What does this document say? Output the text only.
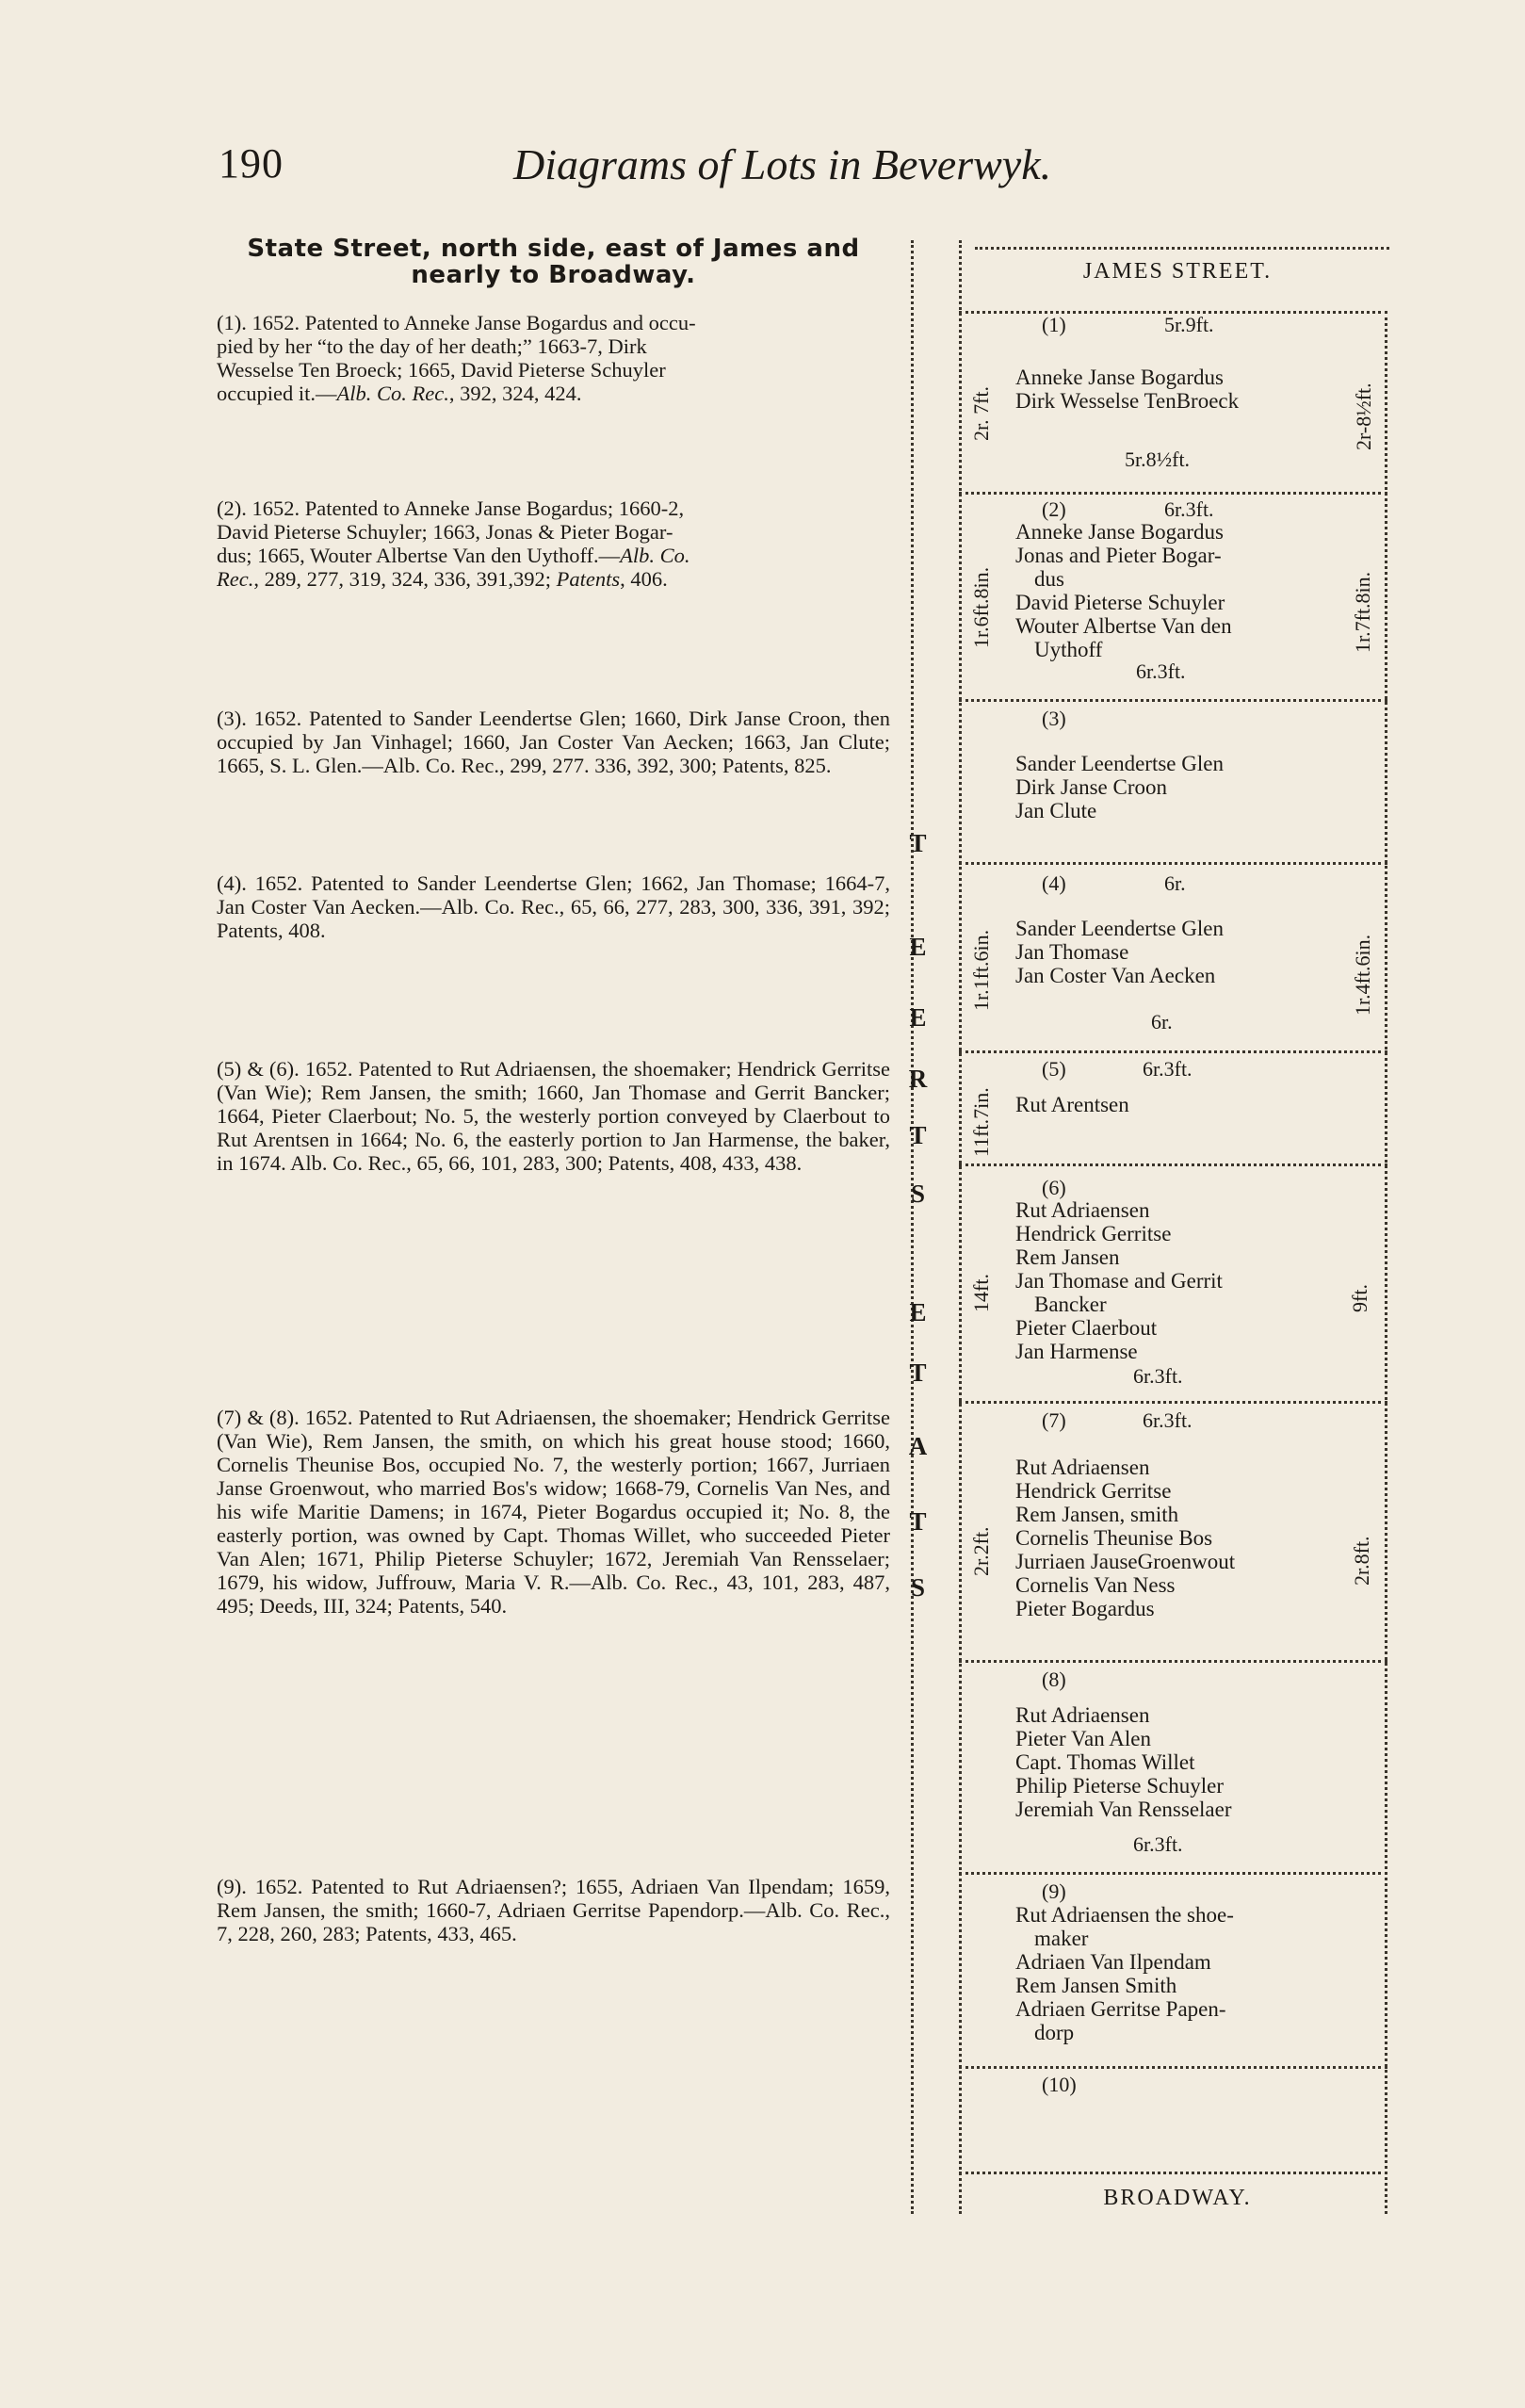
190	Diagrams of Lots in Beverwyk.
State Street, north side, east of James and
nearly to Broadway.
(1). 1652. Patented to Anneke Janse Bogardus and occu-
pied by her “to the day of her death;” 1663-7, Dirk
Wesselse Ten Broeck; 1665, David Pieterse Schuyler
occupied it.—Alb. Co. Rec., 392, 324, 424.
(2). 1652. Patented to Anneke Janse Bogardus; 1660-2,
David Pieterse Schuyler; 1663, Jonas & Pieter Bogar-
dus; 1665, Wouter Albertse Van den Uythoff.—Alb. Co.
Rec., 289, 277, 319, 324, 336, 391,392; Patents, 406.
(3). 1652. Patented to Sander Leendertse Glen; 1660, Dirk Janse Croon, then occupied by Jan Vinhagel; 1660, Jan Coster Van Aecken; 1663, Jan Clute; 1665, S. L. Glen.—Alb. Co. Rec., 299, 277. 336, 392, 300; Patents, 825.
(4). 1652. Patented to Sander Leendertse Glen; 1662, Jan Thomase; 1664-7, Jan Coster Van Aecken.—Alb. Co. Rec., 65, 66, 277, 283, 300, 336, 391, 392; Patents, 408.
(5) & (6). 1652. Patented to Rut Adriaensen, the shoemaker; Hendrick Gerritse (Van Wie); Rem Jansen, the smith; 1660, Jan Thomase and Gerrit Bancker; 1664, Pieter Claerbout; No. 5, the westerly portion conveyed by Claerbout to Rut Arentsen in 1664; No. 6, the easterly portion to Jan Harmense, the baker, in 1674. Alb. Co. Rec., 65, 66, 101, 283, 300; Patents, 408, 433, 438.
(7) & (8). 1652. Patented to Rut Adriaensen, the shoemaker; Hendrick Gerritse (Van Wie), Rem Jansen, the smith, on which his great house stood; 1660, Cornelis Theunise Bos, occupied No. 7, the westerly portion; 1667, Jurriaen Janse Groenwout, who married Bos's widow; 1668-79, Cornelis Van Nes, and his wife Maritie Damens; in 1674, Pieter Bogardus occupied it; No. 8, the easterly portion, was owned by Capt. Thomas Willet, who succeeded Pieter Van Alen; 1671, Philip Pieterse Schuyler; 1672, Jeremiah Van Rensselaer; 1679, his widow, Juffrouw, Maria V. R.—Alb. Co. Rec., 43, 101, 283, 487, 495; Deeds, III, 324; Patents, 540.
(9). 1652. Patented to Rut Adriaensen?; 1655, Adriaen Van Ilpendam; 1659, Rem Jansen, the smith; 1660-7, Adriaen Gerritse Papendorp.—Alb. Co. Rec., 7, 228, 260, 283; Patents, 433, 465.
T
E
E
R
T
S
E
T
A
T
S
JAMES STREET.
BROADWAY.
(1)	5r.9ft.
Anneke Janse Bogardus
Dirk Wesselse TenBroeck
5r.8½ft.
2r. 7ft.	2r-8½ft.
(2)	6r.3ft.
Anneke Janse Bogardus
Jonas and Pieter Bogar-
dus
David Pieterse Schuyler
Wouter Albertse Van den
Uythoff
6r.3ft.
1r.6ft.8in.	1r.7ft.8in.
(3)
Sander Leendertse Glen
Dirk Janse Croon
Jan Clute
(4)	6r.
Sander Leendertse Glen
Jan Thomase
Jan Coster Van Aecken
6r.
1r.1ft.6in.	1r.4ft.6in.
(5)	6r.3ft.
Rut Arentsen
11ft.7in.
(6)
Rut Adriaensen
Hendrick Gerritse
Rem Jansen
Jan Thomase and Gerrit
Bancker
Pieter Claerbout
Jan Harmense
6r.3ft.
14ft.	9ft.
(7)	6r.3ft.
Rut Adriaensen
Hendrick Gerritse
Rem Jansen, smith
Cornelis Theunise Bos
Jurriaen JauseGroenwout
Cornelis Van Ness
Pieter Bogardus
2r.2ft.	2r.8ft.
(8)
Rut Adriaensen
Pieter Van Alen
Capt. Thomas Willet
Philip Pieterse Schuyler
Jeremiah Van Rensselaer
6r.3ft.
(9)
Rut Adriaensen the shoe-
maker
Adriaen Van Ilpendam
Rem Jansen Smith
Adriaen Gerritse Papen-
dorp
(10)
